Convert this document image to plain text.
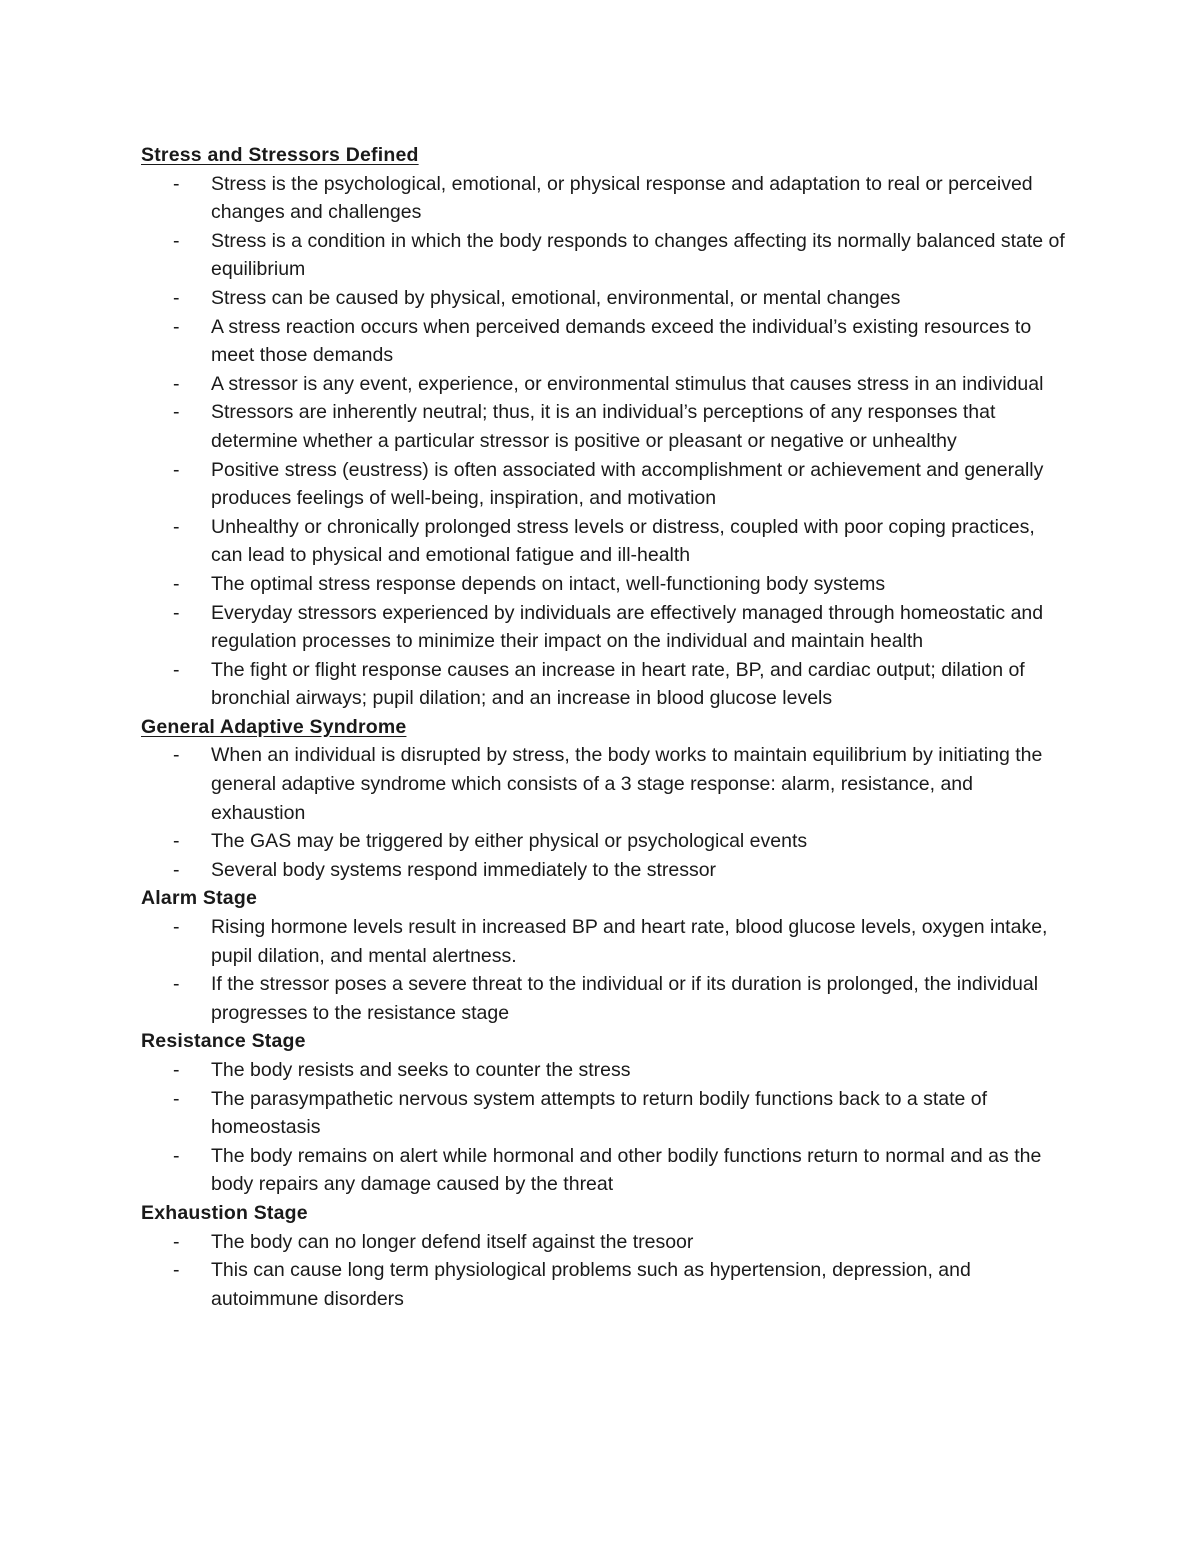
Stress and Stressors Defined
- Stress is the psychological, emotional, or physical response and adaptation to real or perceived changes and challenges
- Stress is a condition in which the body responds to changes affecting its normally balanced state of equilibrium
- Stress can be caused by physical, emotional, environmental, or mental changes
- A stress reaction occurs when perceived demands exceed the individual’s existing resources to meet those demands
- A stressor is any event, experience, or environmental stimulus that causes stress in an individual
- Stressors are inherently neutral; thus, it is an individual’s perceptions of any responses that determine whether a particular stressor is positive or pleasant or negative or unhealthy
- Positive stress (eustress) is often associated with accomplishment or achievement and generally produces feelings of well-being, inspiration, and motivation
- Unhealthy or chronically prolonged stress levels or distress, coupled with poor coping practices, can lead to physical and emotional fatigue and ill-health
- The optimal stress response depends on intact, well-functioning body systems
- Everyday stressors experienced by individuals are effectively managed through homeostatic and regulation processes to minimize their impact on the individual and maintain health
- The fight or flight response causes an increase in heart rate, BP, and cardiac output; dilation of bronchial airways; pupil dilation; and an increase in blood glucose levels
General Adaptive Syndrome
- When an individual is disrupted by stress, the body works to maintain equilibrium by initiating the general adaptive syndrome which consists of a 3 stage response: alarm, resistance, and exhaustion
- The GAS may be triggered by either physical or psychological events
- Several body systems respond immediately to the stressor
Alarm Stage
- Rising hormone levels result in increased BP and heart rate, blood glucose levels, oxygen intake, pupil dilation, and mental alertness.
- If the stressor poses a severe threat to the individual or if its duration is prolonged, the individual progresses to the resistance stage
Resistance Stage
- The body resists and seeks to counter the stress
- The parasympathetic nervous system attempts to return bodily functions back to a state of homeostasis
- The body remains on alert while hormonal and other bodily functions return to normal and as the body repairs any damage caused by the threat
Exhaustion Stage
- The body can no longer defend itself against the tresoor
- This can cause long term physiological problems such as hypertension, depression, and autoimmune disorders
